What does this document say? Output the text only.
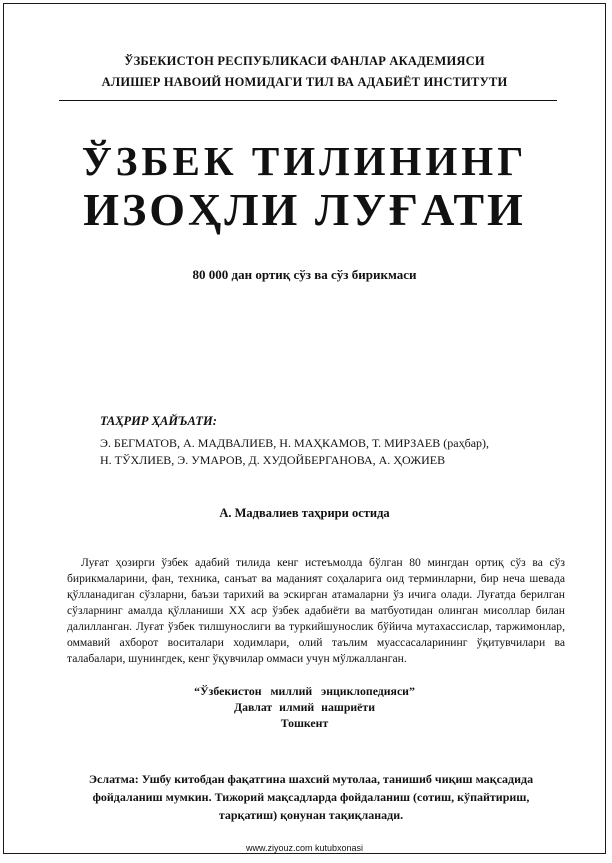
ЎЗБЕКИСТОН РЕСПУБЛИКАСИ ФАНЛАР АКАДЕМИЯСИ
АЛИШЕР НАВОИЙ НОМИДАГИ ТИЛ ВА АДАБИЁТ ИНСТИТУТИ
ЎЗБЕК ТИЛИНИНГ
ИЗОҲЛИ ЛУҒАТИ
80 000 дан ортиқ сўз ва сўз бирикмаси
ТАҲРИР ҲАЙЪАТИ:
Э. БЕГМАТОВ, А. МАДВАЛИЕВ, Н. МАҲКАМОВ, Т. МИРЗАЕВ (раҳбар),
Н. ТЎХЛИЕВ, Э. УМАРОВ, Д. ХУДОЙБЕРГАНОВА, А. ҲОЖИЕВ
А. Мадвалиев таҳрири остида
Луғат ҳозирги ўзбек адабий тилида кенг истеъмолда бўлган 80 мингдан ортиқ сўз ва сўз бирикмаларини, фан, техника, санъат ва маданият соҳаларига оид терминларни, бир неча шевада қўлланадиган сўзларни, баъзи тарихий ва эскирган атамаларни ўз ичига олади. Луғатда берилган сўзларнинг амалда қўлланиши ХХ аср ўзбек адабиёти ва матбуотидан олинган мисоллар билан далилланган. Луғат ўзбек тилшунослиги ва туркийшунослик бўйича мутахассислар, таржимонлар, оммавий ахборот воситалари ходимлари, олий таълим муассасаларининг ўқитувчилари ва талабалари, шунингдек, кенг ўқувчилар оммаси учун мўлжалланган.
“Ўзбекистон миллий энциклопедияси”
Давлат илмий нашриёти
Тошкент
Эслатма: Ушбу китобдан фақатгина шахсий мутолаа, танишиб чиқиш мақсадида фойдаланиш мумкин. Тижорий мақсадларда фойдаланиш (сотиш, кўпайтириш, тарқатиш) қонунан тақиқланади.
www.ziyouz.com kutubxonasi
